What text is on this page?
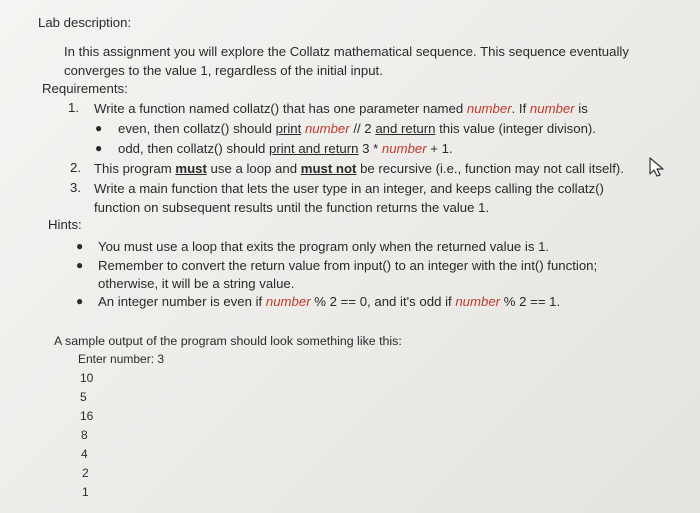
Lab description:
In this assignment you will explore the Collatz mathematical sequence. This sequence eventually
converges to the value 1, regardless of the initial input.
Requirements:
1. Write a function named collatz() that has one parameter named number. If number is
● even, then collatz() should print number // 2 and return this value (integer divison).
● odd, then collatz() should print and return 3 * number + 1.
2. This program must use a loop and must not be recursive (i.e., function may not call itself).
3. Write a main function that lets the user type in an integer, and keeps calling the collatz()
function on subsequent results until the function returns the value 1.
Hints:
● You must use a loop that exits the program only when the returned value is 1.
● Remember to convert the return value from input() to an integer with the int() function;
otherwise, it will be a string value.
● An integer number is even if number % 2 == 0, and it's odd if number % 2 == 1.
A sample output of the program should look something like this:
Enter number: 3
10
5
16
8
4
2
1
